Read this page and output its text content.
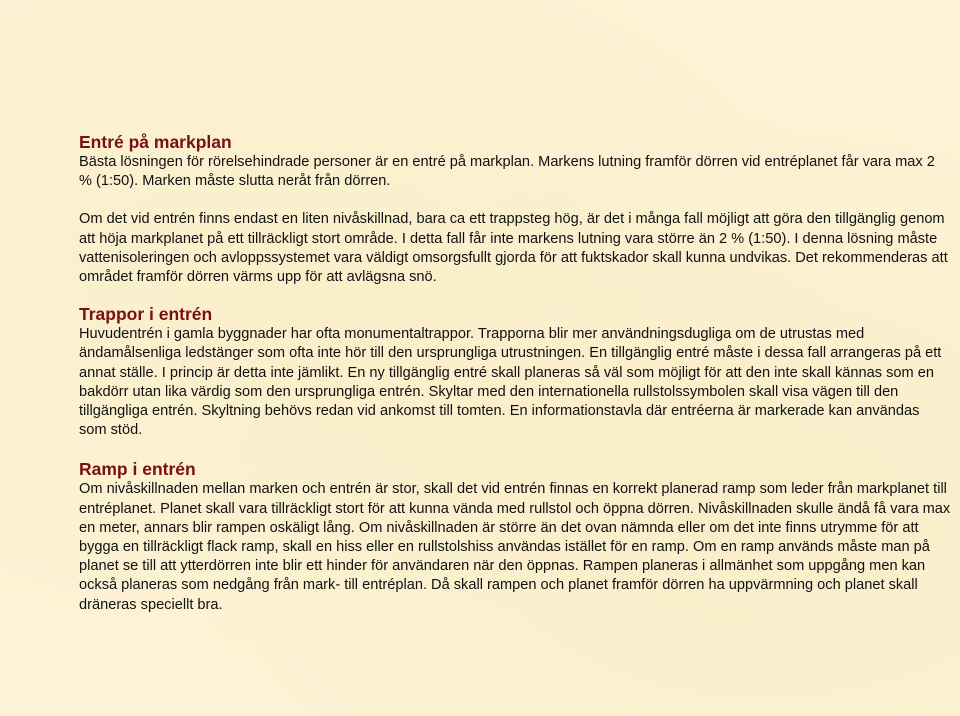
Entré på markplan

Bästa lösningen för rörelsehindrade personer är en entré på markplan. Markens lutning framför dörren vid entréplanet får vara max 2 % (1:50). Marken måste slutta neråt från dörren.

Om det vid entrén finns endast en liten nivåskillnad, bara ca ett trappsteg hög, är det i många fall möjligt att göra den tillgänglig genom att höja markplanet på ett tillräckligt stort område. I detta fall får inte markens lutning vara större än 2 % (1:50). I denna lösning måste vattenisoleringen och avloppssystemet vara väldigt omsorgsfullt gjorda för att fuktskador skall kunna undvikas. Det rekommenderas att området framför dörren värms upp för att avlägsna snö.

Trappor i entrén

Huvudentrén i gamla byggnader har ofta monumentaltrappor. Trapporna blir mer användningsdugliga om de utrustas med ändamålsenliga ledstänger som ofta inte hör till den ursprungliga utrustningen. En tillgänglig entré måste i dessa fall arrangeras på ett annat ställe. I princip är detta inte jämlikt. En ny tillgänglig entré skall planeras så väl som möjligt för att den inte skall kännas som en bakdörr utan lika värdig som den ursprungliga entrén. Skyltar med den internationella rullstolssymbolen skall visa vägen till den tillgängliga entrén. Skyltning behövs redan vid ankomst till tomten. En informationstavla där entréerna är markerade kan användas som stöd.

Ramp i entrén

Om nivåskillnaden mellan marken och entrén är stor, skall det vid entrén finnas en korrekt planerad ramp som leder från markplanet till entréplanet. Planet skall vara tillräckligt stort för att kunna vända med rullstol och öppna dörren. Nivåskillnaden skulle ändå få vara max en meter, annars blir rampen oskäligt lång. Om nivåskillnaden är större än det ovan nämnda eller om det inte finns utrymme för att bygga en tillräckligt flack ramp, skall en hiss eller en rullstolshiss användas istället för en ramp. Om en ramp används måste man på planet se till att ytterdörren inte blir ett hinder för användaren när den öppnas. Rampen planeras i allmänhet som uppgång men kan också planeras som nedgång från mark- till entréplan. Då skall rampen och planet framför dörren ha uppvärmning och planet skall dräneras speciellt bra.
